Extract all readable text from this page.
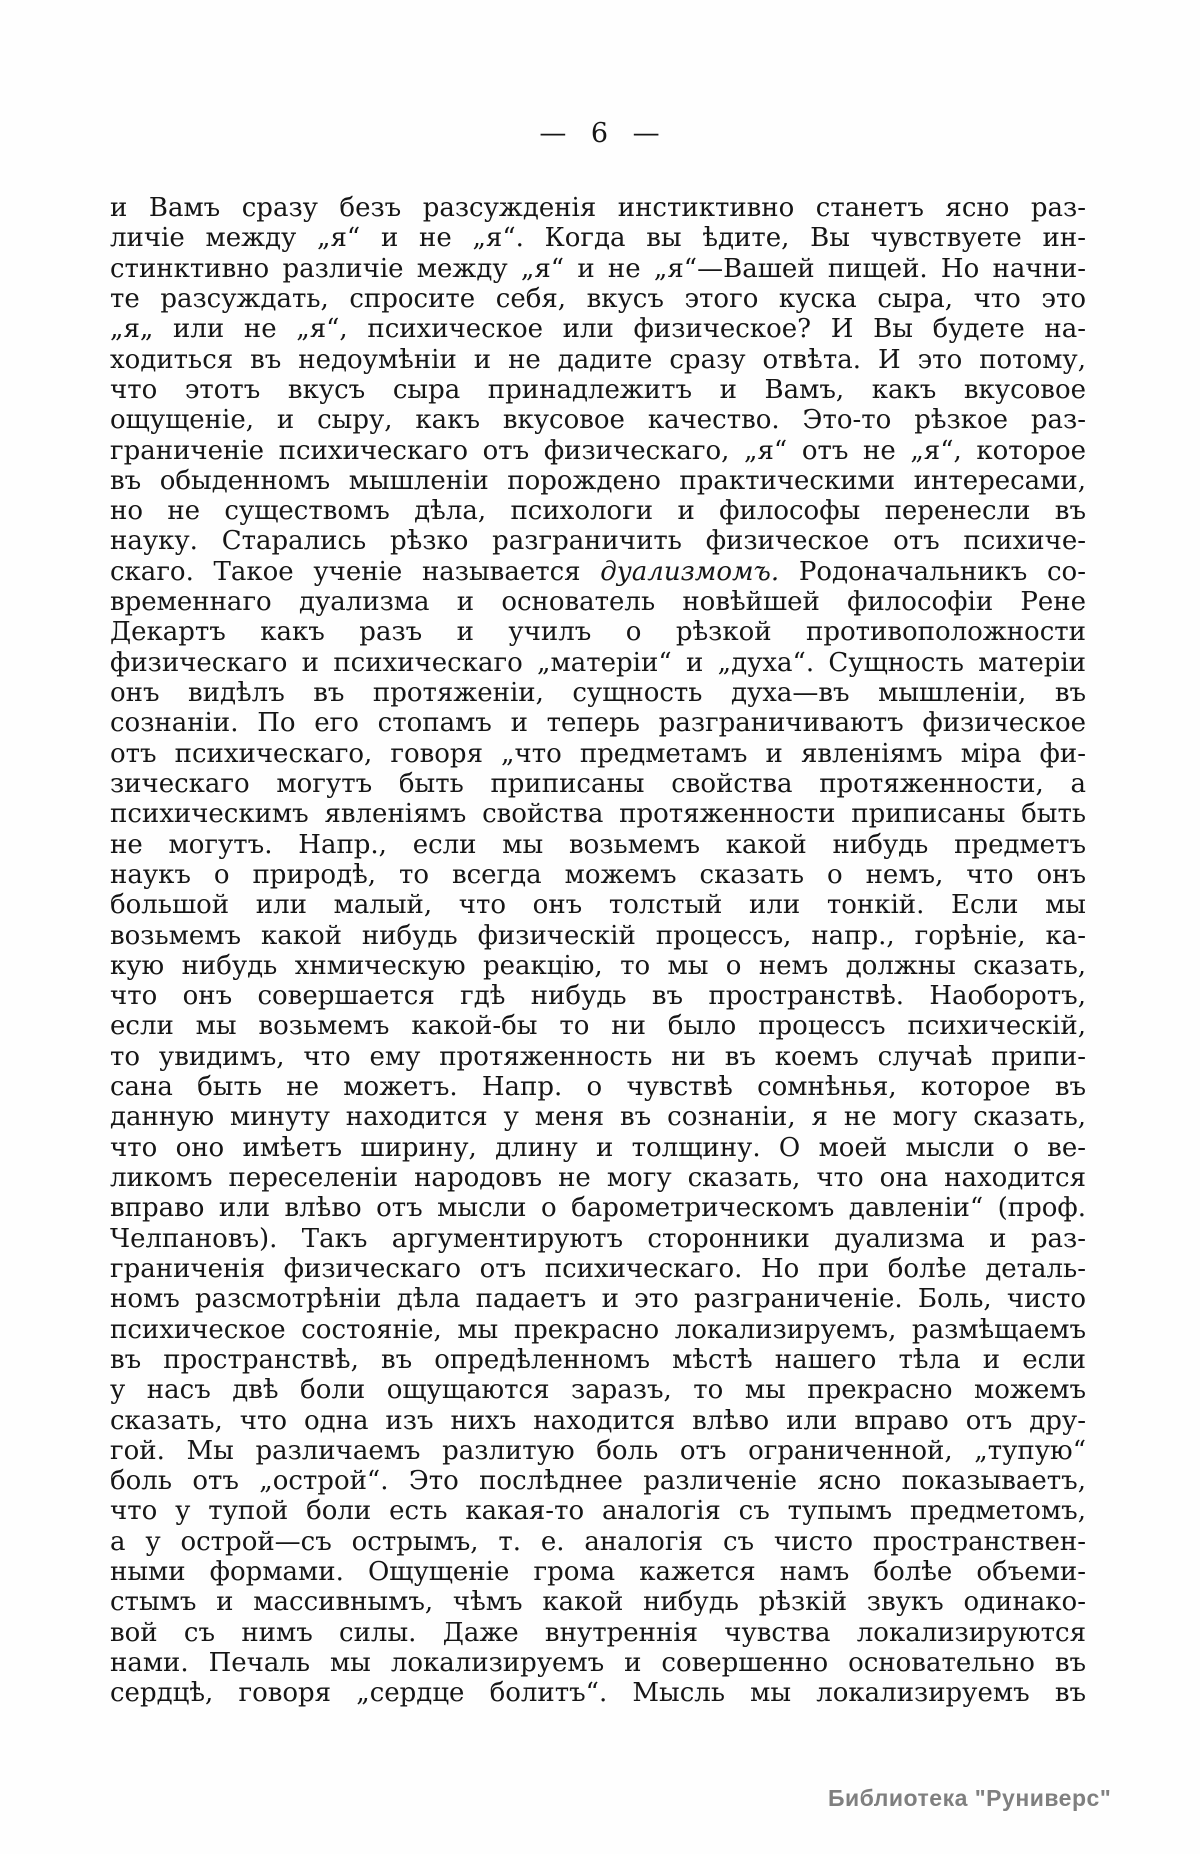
— 6 —
и Вамъ сразу безъ разсужденія инстиктивно станетъ ясно раз-
личіе между „я“ и не „я“. Когда вы ѣдите, Вы чувствуете ин-
стинктивно различіе между „я“ и не „я“—Вашей пищей. Но начни-
те разсуждать, спросите себя, вкусъ этого куска сыра, что это
„я„ или не „я“, психическое или физическое? И Вы будете на-
ходиться въ недоумѣніи и не дадите сразу отвѣта. И это потому,
что этотъ вкусъ сыра принадлежитъ и Вамъ, какъ вкусовое
ощущеніе, и сыру, какъ вкусовое качество. Это-то рѣзкое раз-
граниченіе психическаго отъ физическаго, „я“ отъ не „я“, которое
въ обыденномъ мышленіи порождено практическими интересами,
но не существомъ дѣла, психологи и философы перенесли въ
науку. Старались рѣзко разграничить физическое отъ психиче-
скаго. Такое ученіе называется дуализмомъ. Родоначальникъ со-
временнаго дуализма и основатель новѣйшей философіи Рене
Декартъ какъ разъ и училъ о рѣзкой противоположности
физическаго и психическаго „матеріи“ и „духа“. Сущность матеріи
онъ видѣлъ въ протяженіи, сущность духа—въ мышленіи, въ
сознаніи. По его стопамъ и теперь разграничиваютъ физическое
отъ психическаго, говоря „что предметамъ и явленіямъ міра фи-
зическаго могутъ быть приписаны свойства протяженности, а
психическимъ явленіямъ свойства протяженности приписаны быть
не могутъ. Напр., если мы возьмемъ какой нибудь предметъ
наукъ о природѣ, то всегда можемъ сказать о немъ, что онъ
большой или малый, что онъ толстый или тонкій. Если мы
возьмемъ какой нибудь физическій процессъ, напр., горѣніе, ка-
кую нибудь хнмическую реакцію, то мы о немъ должны сказать,
что онъ совершается гдѣ нибудь въ пространствѣ. Наоборотъ,
если мы возьмемъ какой-бы то ни было процессъ психическій,
то увидимъ, что ему протяженность ни въ коемъ случаѣ припи-
сана быть не можетъ. Напр. о чувствѣ сомнѣнья, которое въ
данную минуту находится у меня въ сознаніи, я не могу сказать,
что оно имѣетъ ширину, длину и толщину. О моей мысли о ве-
ликомъ переселеніи народовъ не могу сказать, что она находится
вправо или влѣво отъ мысли о барометрическомъ давленіи“ (проф.
Челпановъ). Такъ аргументируютъ сторонники дуализма и раз-
граниченія физическаго отъ психическаго. Но при болѣе деталь-
номъ разсмотрѣніи дѣла падаетъ и это разграниченіе. Боль, чисто
психическое состояніе, мы прекрасно локализируемъ, размѣщаемъ
въ пространствѣ, въ опредѣленномъ мѣстѣ нашего тѣла и если
у насъ двѣ боли ощущаются заразъ, то мы прекрасно можемъ
сказать, что одна изъ нихъ находится влѣво или вправо отъ дру-
гой. Мы различаемъ разлитую боль отъ ограниченной, „тупую“
боль отъ „острой“. Это послѣднее различеніе ясно показываетъ,
что у тупой боли есть какая-то аналогія съ тупымъ предметомъ,
а у острой—съ острымъ, т. е. аналогія съ чисто пространствен-
ными формами. Ощущеніе грома кажется намъ болѣе объеми-
стымъ и массивнымъ, чѣмъ какой нибудь рѣзкій звукъ одинако-
вой съ нимъ силы. Даже внутреннія чувства локализируются
нами. Печаль мы локализируемъ и совершенно основательно въ
сердцѣ, говоря „сердце болитъ“. Мысль мы локализируемъ въ
Библиотека "Руниверс"
